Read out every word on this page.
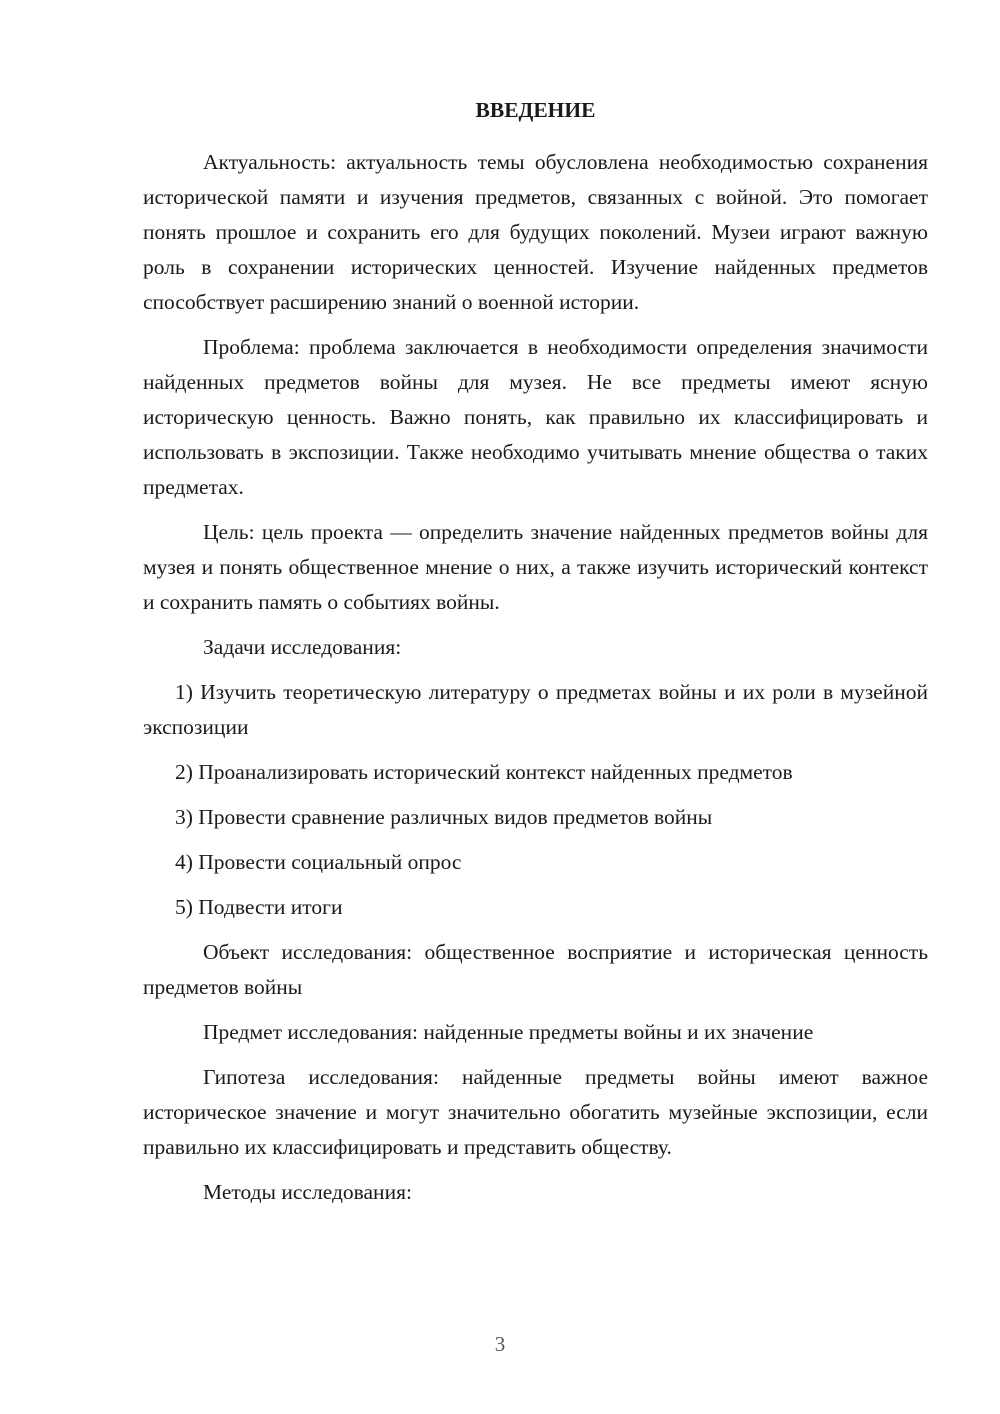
ВВЕДЕНИЕ

Актуальность: актуальность темы обусловлена необходимостью сохранения исторической памяти и изучения предметов, связанных с войной. Это помогает понять прошлое и сохранить его для будущих поколений. Музеи играют важную роль в сохранении исторических ценностей. Изучение найденных предметов способствует расширению знаний о военной истории.

Проблема: проблема заключается в необходимости определения значимости найденных предметов войны для музея. Не все предметы имеют ясную историческую ценность. Важно понять, как правильно их классифицировать и использовать в экспозиции. Также необходимо учитывать мнение общества о таких предметах.

Цель: цель проекта — определить значение найденных предметов войны для музея и понять общественное мнение о них, а также изучить исторический контекст и сохранить память о событиях войны.

Задачи исследования:

1) Изучить теоретическую литературу о предметах войны и их роли в музейной экспозиции

2) Проанализировать исторический контекст найденных предметов

3) Провести сравнение различных видов предметов войны

4) Провести социальный опрос

5) Подвести итоги

Объект исследования: общественное восприятие и историческая ценность предметов войны

Предмет исследования: найденные предметы войны и их значение

Гипотеза исследования: найденные предметы войны имеют важное историческое значение и могут значительно обогатить музейные экспозиции, если правильно их классифицировать и представить обществу.

Методы исследования:

3
